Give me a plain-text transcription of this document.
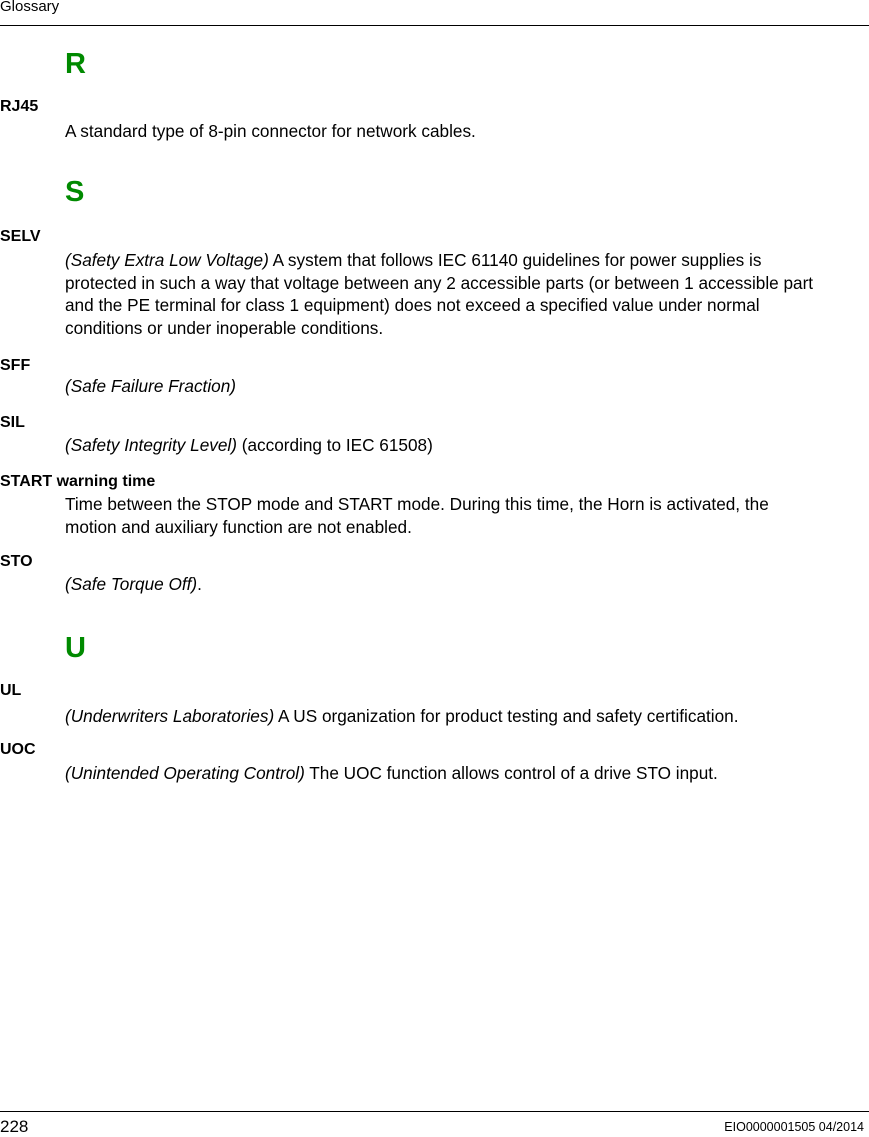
Glossary
R
RJ45
A standard type of 8-pin connector for network cables.
S
SELV
(Safety Extra Low Voltage) A system that follows IEC 61140 guidelines for power supplies is
protected in such a way that voltage between any 2 accessible parts (or between 1 accessible part
and the PE terminal for class 1 equipment) does not exceed a specified value under normal
conditions or under inoperable conditions.
SFF
(Safe Failure Fraction)
SIL
(Safety Integrity Level) (according to IEC 61508)
START warning time
Time between the STOP mode and START mode. During this time, the Horn is activated, the
motion and auxiliary function are not enabled.
STO
(Safe Torque Off).
U
UL
(Underwriters Laboratories) A US organization for product testing and safety certification.
UOC
(Unintended Operating Control) The UOC function allows control of a drive STO input.
228	EIO0000001505 04/2014
